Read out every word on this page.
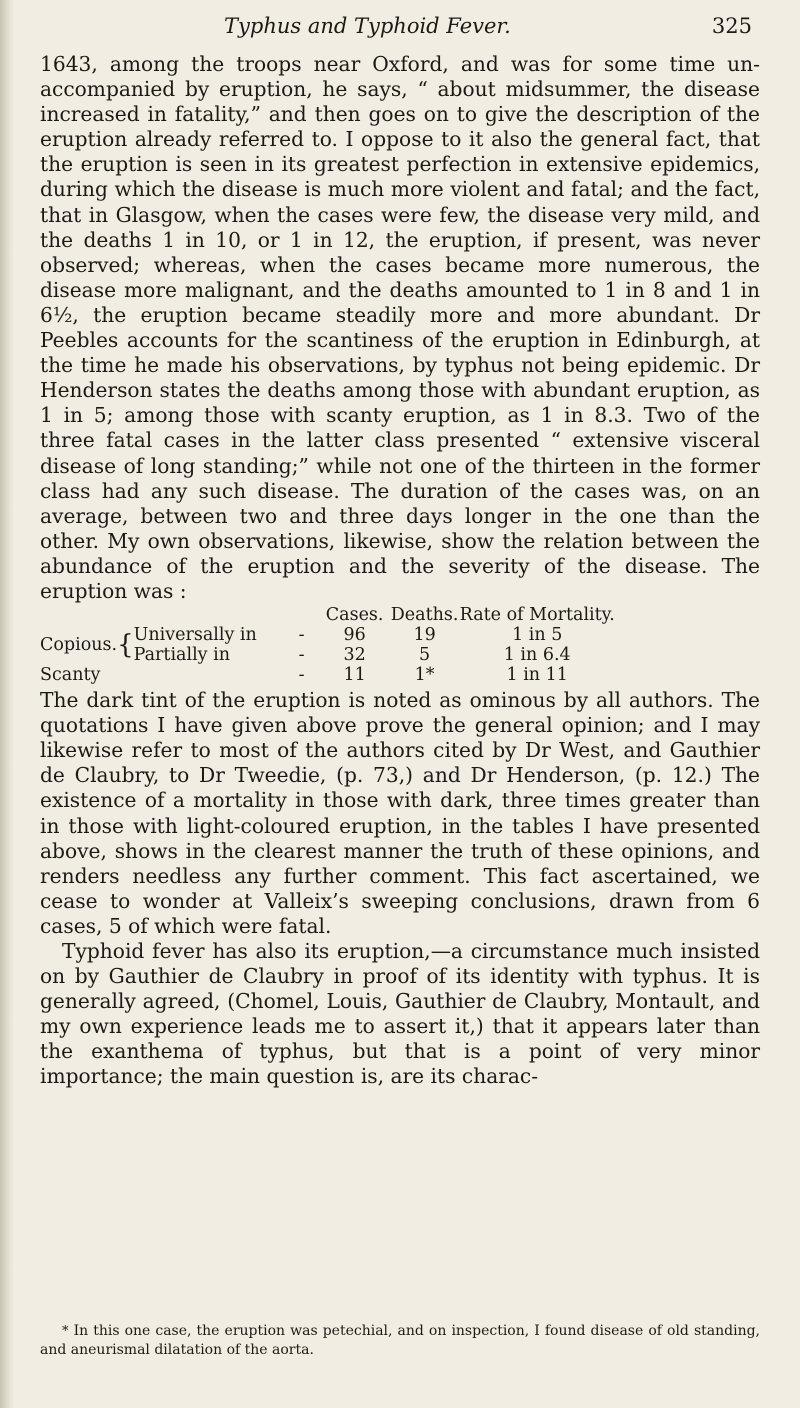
Typhus and Typhoid Fever.	325

1643, among the troops near Oxford, and was for some time un-accompanied by eruption, he says, “ about midsummer, the disease increased in fatality,” and then goes on to give the description of the eruption already referred to. I oppose to it also the general fact, that the eruption is seen in its greatest perfection in extensive epidemics, during which the disease is much more violent and fatal; and the fact, that in Glasgow, when the cases were few, the disease very mild, and the deaths 1 in 10, or 1 in 12, the eruption, if present, was never observed; whereas, when the cases became more numerous, the disease more malignant, and the deaths amounted to 1 in 8 and 1 in 6½, the eruption became steadily more and more abundant. Dr Peebles accounts for the scantiness of the eruption in Edinburgh, at the time he made his observations, by typhus not being epidemic. Dr Henderson states the deaths among those with abundant eruption, as 1 in 5; among those with scanty eruption, as 1 in 8.3. Two of the three fatal cases in the latter class presented “ extensive visceral disease of long standing;” while not one of the thirteen in the former class had any such disease. The duration of the cases was, on an average, between two and three days longer in the one than the other. My own observations, likewise, show the relation between the abundance of the eruption and the severity of the disease. The eruption was :

				Cases.	Deaths.	Rate of Mortality.
Copious.	{	Universally in	-	96	19	1 in 5
		Partially in	-	32	5	1 in 6.4
Scanty			-	11	1*	1 in 11

The dark tint of the eruption is noted as ominous by all authors. The quotations I have given above prove the general opinion; and I may likewise refer to most of the authors cited by Dr West, and Gauthier de Claubry, to Dr Tweedie, (p. 73,) and Dr Henderson, (p. 12.) The existence of a mortality in those with dark, three times greater than in those with light-coloured eruption, in the tables I have presented above, shows in the clearest manner the truth of these opinions, and renders needless any further comment. This fact ascertained, we cease to wonder at Valleix’s sweeping conclusions, drawn from 6 cases, 5 of which were fatal.

Typhoid fever has also its eruption,—a circumstance much insisted on by Gauthier de Claubry in proof of its identity with typhus. It is generally agreed, (Chomel, Louis, Gauthier de Claubry, Montault, and my own experience leads me to assert it,) that it appears later than the exanthema of typhus, but that is a point of very minor importance; the main question is, are its charac-

* In this one case, the eruption was petechial, and on inspection, I found disease of old standing, and aneurismal dilatation of the aorta.
